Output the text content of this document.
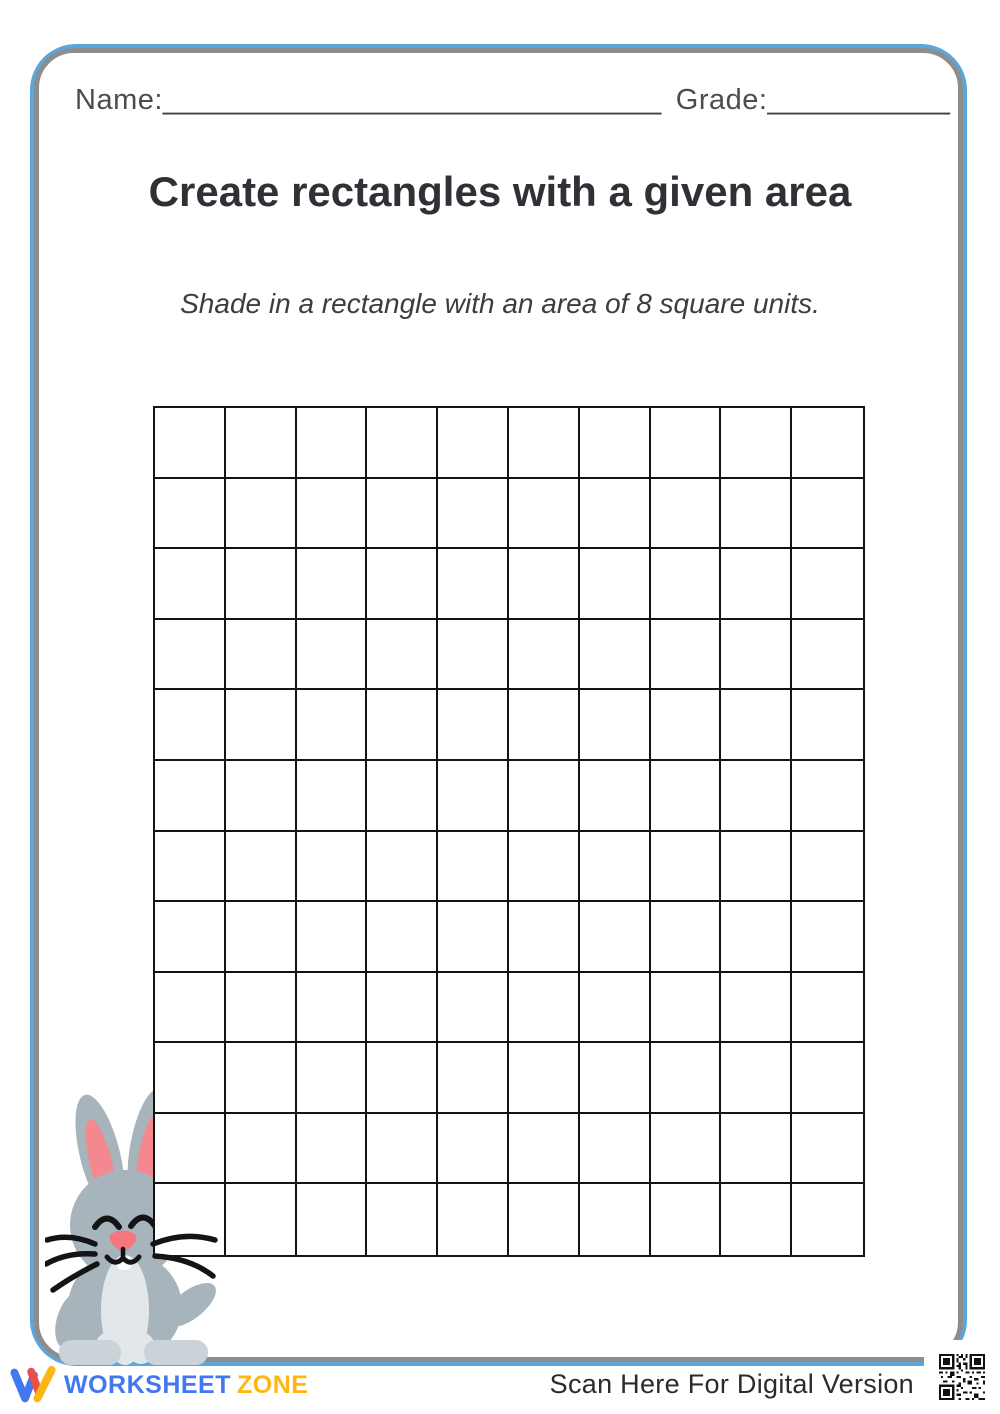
Name:______________________________ Grade:___________
Create rectangles with a given area
Shade in a rectangle with an area of 8 square units.
WORKSHEET ZONE	Scan Here For Digital Version
